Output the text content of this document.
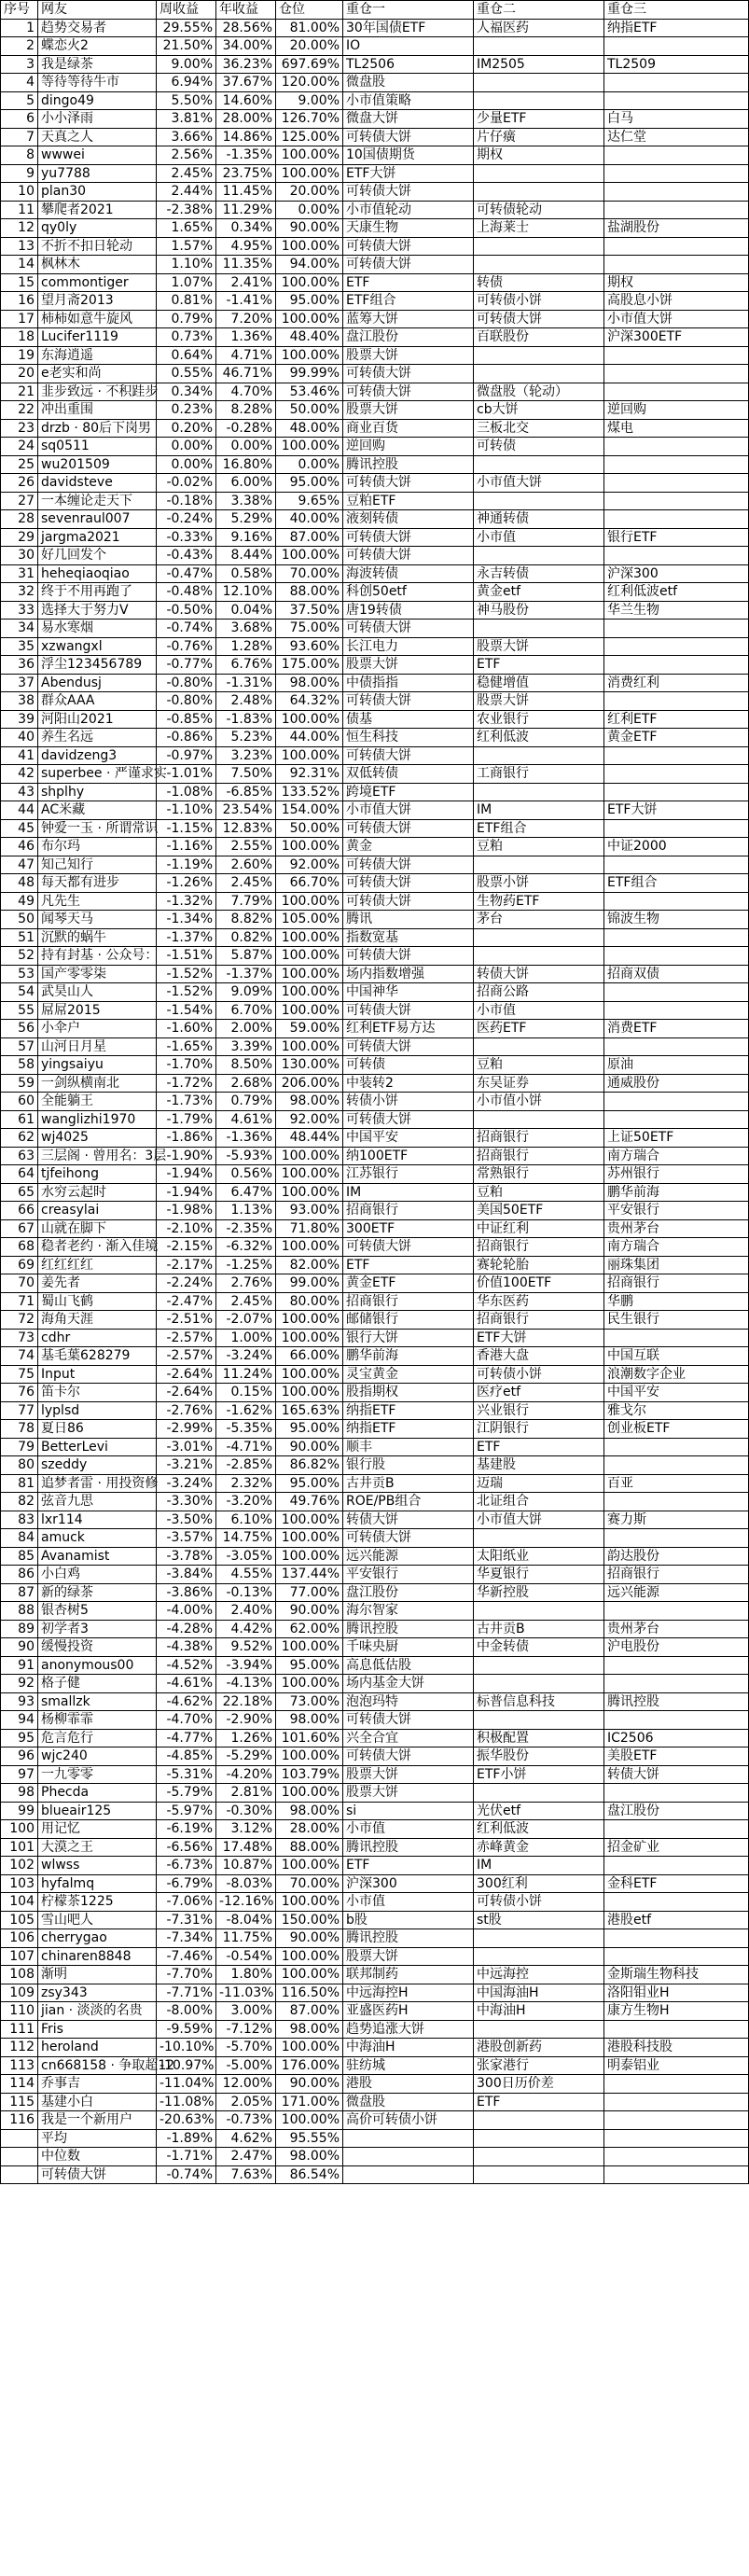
序号	网友	周收益	年收益	仓位	重仓一	重仓二	重仓三
1	趋势交易者	29.55%	28.56%	81.00%	30年国债ETF	人福医药	纳指ETF
2	蝶恋火2	21.50%	34.00%	20.00%	IO		
3	我是绿茶	9.00%	36.23%	697.69%	TL2506	IM2505	TL2509
4	等待等待牛市	6.94%	37.67%	120.00%	微盘股		
5	dingo49	5.50%	14.60%	9.00%	小市值策略		
6	小小泽雨	3.81%	28.00%	126.70%	微盘大饼	少量ETF	白马
7	天真之人	3.66%	14.86%	125.00%	可转债大饼	片仔癀	达仁堂
8	wwwei	2.56%	-1.35%	100.00%	10国债期货	期权	
9	yu7788	2.45%	23.75%	100.00%	ETF大饼		
10	plan30	2.44%	11.45%	20.00%	可转债大饼		
11	攀爬者2021	-2.38%	11.29%	0.00%	小市值轮动	可转债轮动	
12	qy0ly	1.65%	0.34%	90.00%	天康生物	上海莱士	盐湖股份
13	不折不扣日轮动	1.57%	4.95%	100.00%	可转债大饼		
14	枫林木	1.10%	11.35%	94.00%	可转债大饼		
15	commontiger	1.07%	2.41%	100.00%	ETF	转债	期权
16	望月斋2013	0.81%	-1.41%	95.00%	ETF组合	可转债小饼	高股息小饼
17	柿柿如意牛旋风	0.79%	7.20%	100.00%	蓝筹大饼	可转债大饼	小市值大饼
18	Lucifer1119	0.73%	1.36%	48.40%	盘江股份	百联股份	沪深300ETF
19	东海逍遥	0.64%	4.71%	100.00%	股票大饼		
20	e老实和尚	0.55%	46.71%	99.99%	可转债大饼		
21	韭步致远 · 不积跬步	0.34%	4.70%	53.46%	可转债大饼	微盘股（轮动）	
22	冲出重围	0.23%	8.28%	50.00%	股票大饼	cb大饼	逆回购
23	drzb · 80后下岗男	0.20%	-0.28%	48.00%	商业百货	三板北交	煤电
24	sq0511	0.00%	0.00%	100.00%	逆回购	可转债	
25	wu201509	0.00%	16.80%	0.00%	腾讯控股		
26	davidsteve	-0.02%	6.00%	95.00%	可转债大饼	小市值大饼	
27	一本缠论走天下	-0.18%	3.38%	9.65%	豆粕ETF		
28	sevenraul007	-0.24%	5.29%	40.00%	液刻转债	神通转债	
29	jargma2021	-0.33%	9.16%	87.00%	可转债大饼	小市值	银行ETF
30	好几回发个	-0.43%	8.44%	100.00%	可转债大饼		
31	heheqiaoqiao	-0.47%	0.58%	70.00%	海波转债	永吉转债	沪深300
32	终于不用再跑了	-0.48%	12.10%	88.00%	科创50etf	黄金etf	红利低波etf
33	选择大于努力V	-0.50%	0.04%	37.50%	唐19转债	神马股份	华兰生物
34	易水寒烟	-0.74%	3.68%	75.00%	可转债大饼		
35	xzwangxl	-0.76%	1.28%	93.60%	长江电力	股票大饼	
36	浮尘123456789	-0.77%	6.76%	175.00%	股票大饼	ETF	
37	Abendusj	-0.80%	-1.31%	98.00%	中债指指	稳健增值	消费红利
38	群众AAA	-0.80%	2.48%	64.32%	可转债大饼	股票大饼	
39	河阳山2021	-0.85%	-1.83%	100.00%	债基	农业银行	红利ETF
40	养生名远	-0.86%	5.23%	44.00%	恒生科技	红利低波	黄金ETF
41	davidzeng3	-0.97%	3.23%	100.00%	可转债大饼		
42	superbee · 严谨求实	-1.01%	7.50%	92.31%	双低转债	工商银行	
43	shplhy	-1.08%	-6.85%	133.52%	跨境ETF		
44	AC米藏	-1.10%	23.54%	154.00%	小市值大饼	IM	ETF大饼
45	钟爱一玉 · 所谓常识	-1.15%	12.83%	50.00%	可转债大饼	ETF组合	
46	布尔玛	-1.16%	2.55%	100.00%	黄金	豆粕	中证2000
47	知己知行	-1.19%	2.60%	92.00%	可转债大饼		
48	每天都有进步	-1.26%	2.45%	66.70%	可转债大饼	股票小饼	ETF组合
49	凡先生	-1.32%	7.79%	100.00%	可转债大饼	生物药ETF	
50	闻琴天马	-1.34%	8.82%	105.00%	腾讯	茅台	锦波生物
51	沉默的蜗牛	-1.37%	0.82%	100.00%	指数宽基		
52	持有封基 · 公众号：	-1.51%	5.87%	100.00%	可转债大饼		
53	国产零零柒	-1.52%	-1.37%	100.00%	场内指数增强	转债大饼	招商双债
54	武昊山人	-1.52%	9.09%	100.00%	中国神华	招商公路	
55	屌屌2015	-1.54%	6.70%	100.00%	可转债大饼	小市值	
56	小伞户	-1.60%	2.00%	59.00%	红利ETF易方达	医药ETF	消费ETF
57	山河日月星	-1.65%	3.39%	100.00%	可转债大饼		
58	yingsaiyu	-1.70%	8.50%	130.00%	可转债	豆粕	原油
59	一剑纵横南北	-1.72%	2.68%	206.00%	中装转2	东吴证券	通威股份
60	全能躺王	-1.73%	0.79%	98.00%	转债小饼	小市值小饼	
61	wanglizhi1970	-1.79%	4.61%	92.00%	可转债大饼		
62	wj4025	-1.86%	-1.36%	48.44%	中国平安	招商银行	上证50ETF
63	三层阁 · 曾用名：3层	-1.90%	-5.93%	100.00%	纳100ETF	招商银行	南方瑞合
64	tjfeihong	-1.94%	0.56%	100.00%	江苏银行	常熟银行	苏州银行
65	水穷云起时	-1.94%	6.47%	100.00%	IM	豆粕	鹏华前海
66	creasylai	-1.98%	1.13%	93.00%	招商银行	美国50ETF	平安银行
67	山就在脚下	-2.10%	-2.35%	71.80%	300ETF	中证红利	贵州茅台
68	稳者老约 · 渐入佳境	-2.15%	-6.32%	100.00%	可转债大饼	招商银行	南方瑞合
69	红红红红	-2.17%	-1.25%	82.00%	ETF	赛轮轮胎	丽珠集团
70	姜先者	-2.24%	2.76%	99.00%	黄金ETF	价值100ETF	招商银行
71	蜀山飞鹤	-2.47%	2.45%	80.00%	招商银行	华东医药	华鹏
72	海角天涯	-2.51%	-2.07%	100.00%	邮储银行	招商银行	民生银行
73	cdhr	-2.57%	1.00%	100.00%	银行大饼	ETF大饼	
74	基毛葉628279	-2.57%	-3.24%	66.00%	鹏华前海	香港大盘	中国互联
75	Input	-2.64%	11.24%	100.00%	灵宝黄金	可转债小饼	浪潮数字企业
76	笛卡尔	-2.64%	0.15%	100.00%	股指期权	医疗etf	中国平安
77	lyplsd	-2.76%	-1.62%	165.63%	纳指ETF	兴业银行	雅戈尔
78	夏日86	-2.99%	-5.35%	95.00%	纳指ETF	江阴银行	创业板ETF
79	BetterLevi	-3.01%	-4.71%	90.00%	顺丰	ETF	
80	szeddy	-3.21%	-2.85%	86.82%	银行股	基建股	
81	追梦者雷 · 用投资修	-3.24%	2.32%	95.00%	古井贡B	迈瑞	百亚
82	弦音九思	-3.30%	-3.20%	49.76%	ROE/PB组合	北证组合	
83	lxr114	-3.50%	6.10%	100.00%	转债大饼	小市值大饼	赛力斯
84	amuck	-3.57%	14.75%	100.00%	可转债大饼		
85	Avanamist	-3.78%	-3.05%	100.00%	远兴能源	太阳纸业	韵达股份
86	小白鸡	-3.84%	4.55%	137.44%	平安银行	华夏银行	招商银行
87	新的绿茶	-3.86%	-0.13%	77.00%	盘江股份	华新控股	远兴能源
88	银杏树5	-4.00%	2.40%	90.00%	海尔智家		
89	初学者3	-4.28%	4.42%	62.00%	腾讯控股	古井贡B	贵州茅台
90	缓慢投资	-4.38%	9.52%	100.00%	千味央厨	中金转债	沪电股份
91	anonymous00	-4.52%	-3.94%	95.00%	高息低估股		
92	格子健	-4.61%	-4.13%	100.00%	场内基金大饼		
93	smallzk	-4.62%	22.18%	73.00%	泡泡玛特	标普信息科技	腾讯控股
94	杨柳霏霏	-4.70%	-2.90%	98.00%	可转债大饼		
95	危言危行	-4.77%	1.26%	101.60%	兴全合宜	积极配置	IC2506
96	wjc240	-4.85%	-5.29%	100.00%	可转债大饼	振华股份	美股ETF
97	一九零零	-5.31%	-4.20%	103.79%	股票大饼	ETF小饼	转债大饼
98	Phecda	-5.79%	2.81%	100.00%	股票大饼		
99	blueair125	-5.97%	-0.30%	98.00%	si	光伏etf	盘江股份
100	用记忆	-6.19%	3.12%	28.00%	小市值	红利低波	
101	大漠之王	-6.56%	17.48%	88.00%	腾讯控股	赤峰黄金	招金矿业
102	wlwss	-6.73%	10.87%	100.00%	ETF	IM	
103	hyfalmq	-6.79%	-8.03%	70.00%	沪深300	300红利	金科ETF
104	柠檬茶1225	-7.06%	-12.16%	100.00%	小市值	可转债小饼	
105	雪山吧人	-7.31%	-8.04%	150.00%	b股	st股	港股etf
106	cherrygao	-7.34%	11.75%	90.00%	腾讯控股		
107	chinaren8848	-7.46%	-0.54%	100.00%	股票大饼		
108	渐明	-7.70%	1.80%	100.00%	联邦制药	中远海控	金斯瑞生物科技
109	zsy343	-7.71%	-11.03%	116.50%	中远海控H	中国海油H	洛阳钼业H
110	jian · 淡淡的名贵	-8.00%	3.00%	87.00%	亚盛医药H	中海油H	康方生物H
111	Fris	-9.59%	-7.12%	98.00%	趋势追涨大饼		
112	heroland	-10.10%	-5.70%	100.00%	中海油H	港股创新药	港股科技股
113	cn668158 · 争取超12	-10.97%	-5.00%	176.00%	驻纺城	张家港行	明泰铝业
114	乔事吉	-11.04%	12.00%	90.00%	港股	300日历价差	
115	基建小白	-11.08%	2.05%	171.00%	微盘股	ETF	
116	我是一个新用户	-20.63%	-0.73%	100.00%	高价可转债小饼		
	平均	-1.89%	4.62%	95.55%			
	中位数	-1.71%	2.47%	98.00%			
	可转债大饼	-0.74%	7.63%	86.54%			
